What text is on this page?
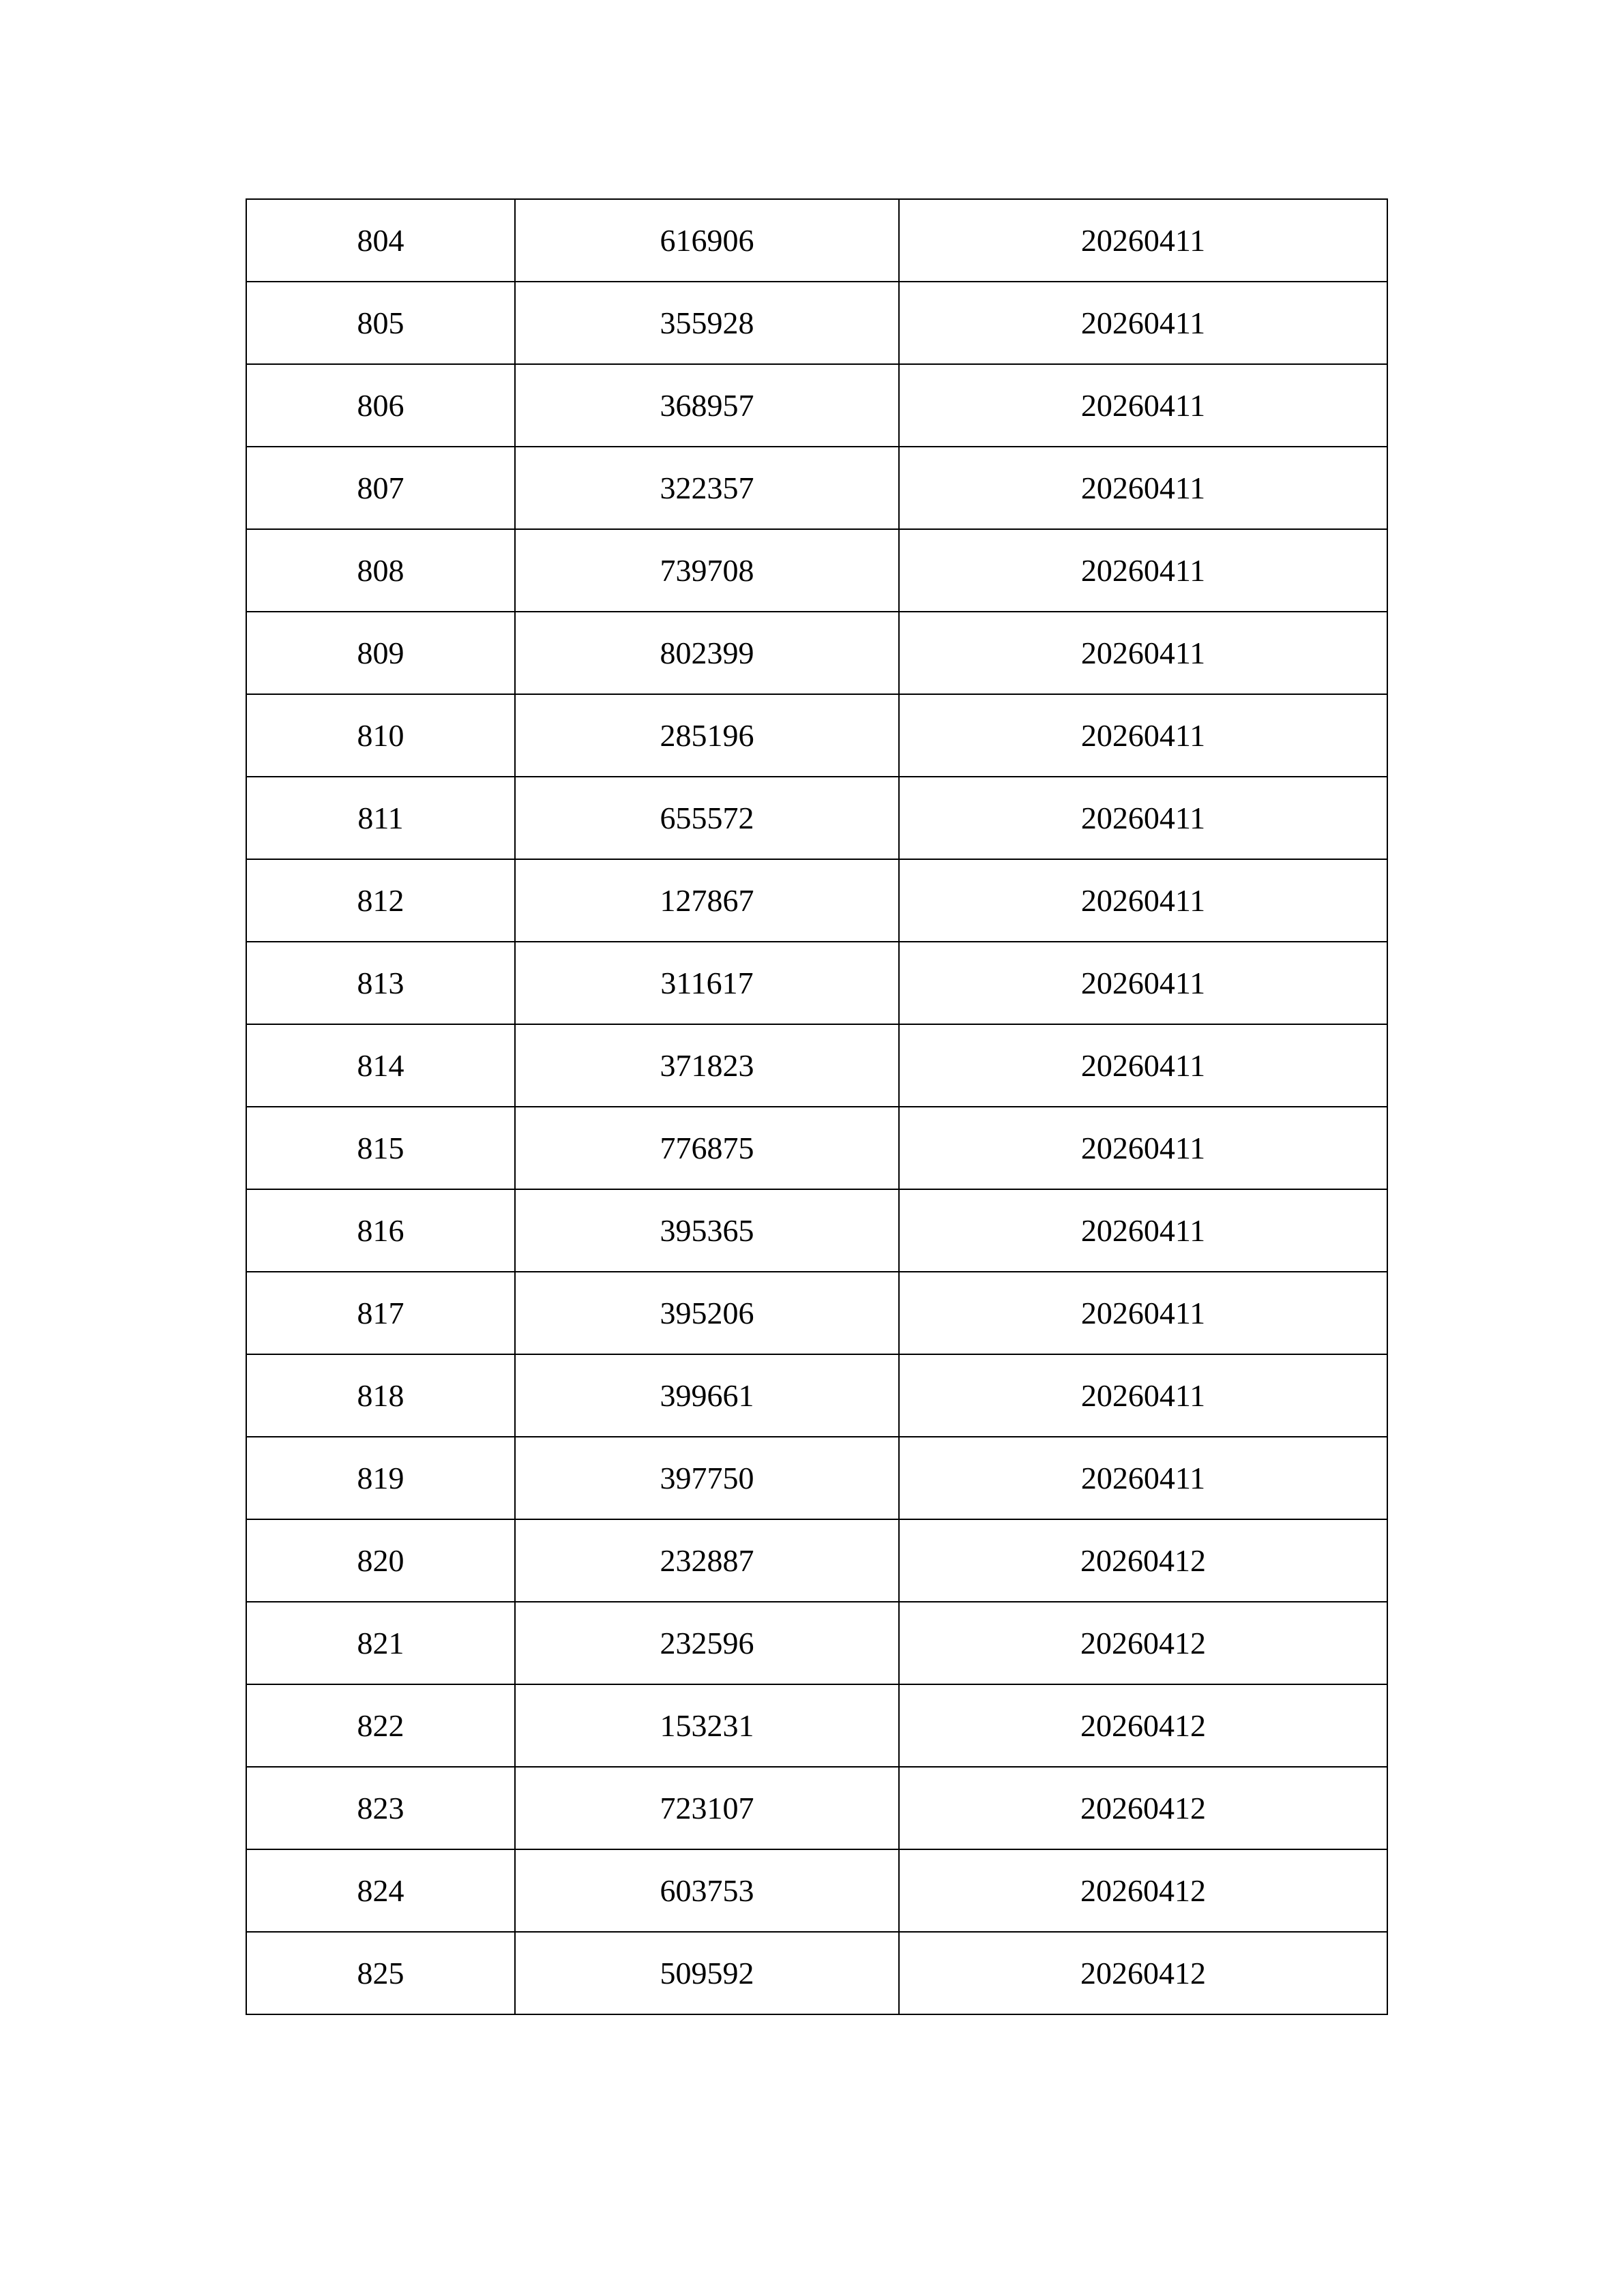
804	616906	20260411
805	355928	20260411
806	368957	20260411
807	322357	20260411
808	739708	20260411
809	802399	20260411
810	285196	20260411
811	655572	20260411
812	127867	20260411
813	311617	20260411
814	371823	20260411
815	776875	20260411
816	395365	20260411
817	395206	20260411
818	399661	20260411
819	397750	20260411
820	232887	20260412
821	232596	20260412
822	153231	20260412
823	723107	20260412
824	603753	20260412
825	509592	20260412
